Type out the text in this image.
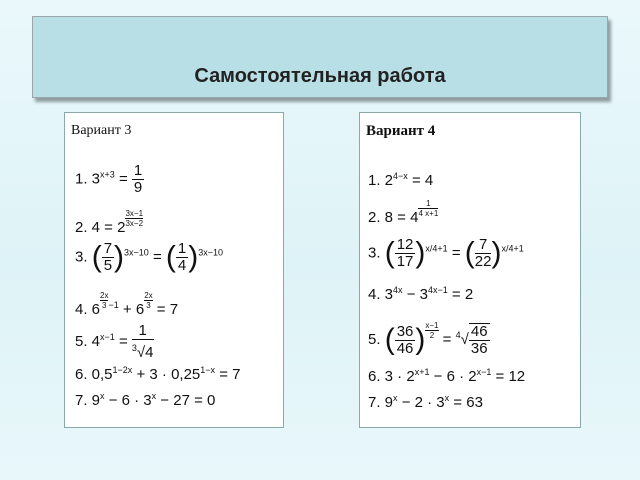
Самостоятельная работа
Вариант 3
1. $3^{x+3} = \frac{1}{9}$
2. $4 = 2 \frac{3x-1}{3x-2}$
3. ( $\frac{7}{5} )^{3x-10}$ = ( $\frac{1}{4} )^{3x-10}$
4. $6 \frac{2x}{3} ^{-1} + 6 \frac{2x}{3} = 7$
5. $4^{x-1} = \frac{1}{^3√4}$
6. $0,5^{1-2x} + 3 \cdot 0,25^{1-x} = 7$
7. $9^x - 6 \cdot 3^x - 27 = 0$
Вариант 4
1. $2^{4-x} = 4$
2. $8 = 4 \frac{1}{4 x+1}$
3. ( $\frac{12}{17} )^{x/4+1}$ = ( $\frac{7}{22} )^{x/4+1}$
4. $3^{4x} - 3^{4x-1} = 2$
5. ( $\frac{36}{46}$ ) $\frac{x-1}{2} = ^4√ \frac{46}{36}$
6. $3 \cdot 2^{x+1} - 6 \cdot 2^{x-1} = 12$
7. $9^x - 2 \cdot 3^x = 63$
